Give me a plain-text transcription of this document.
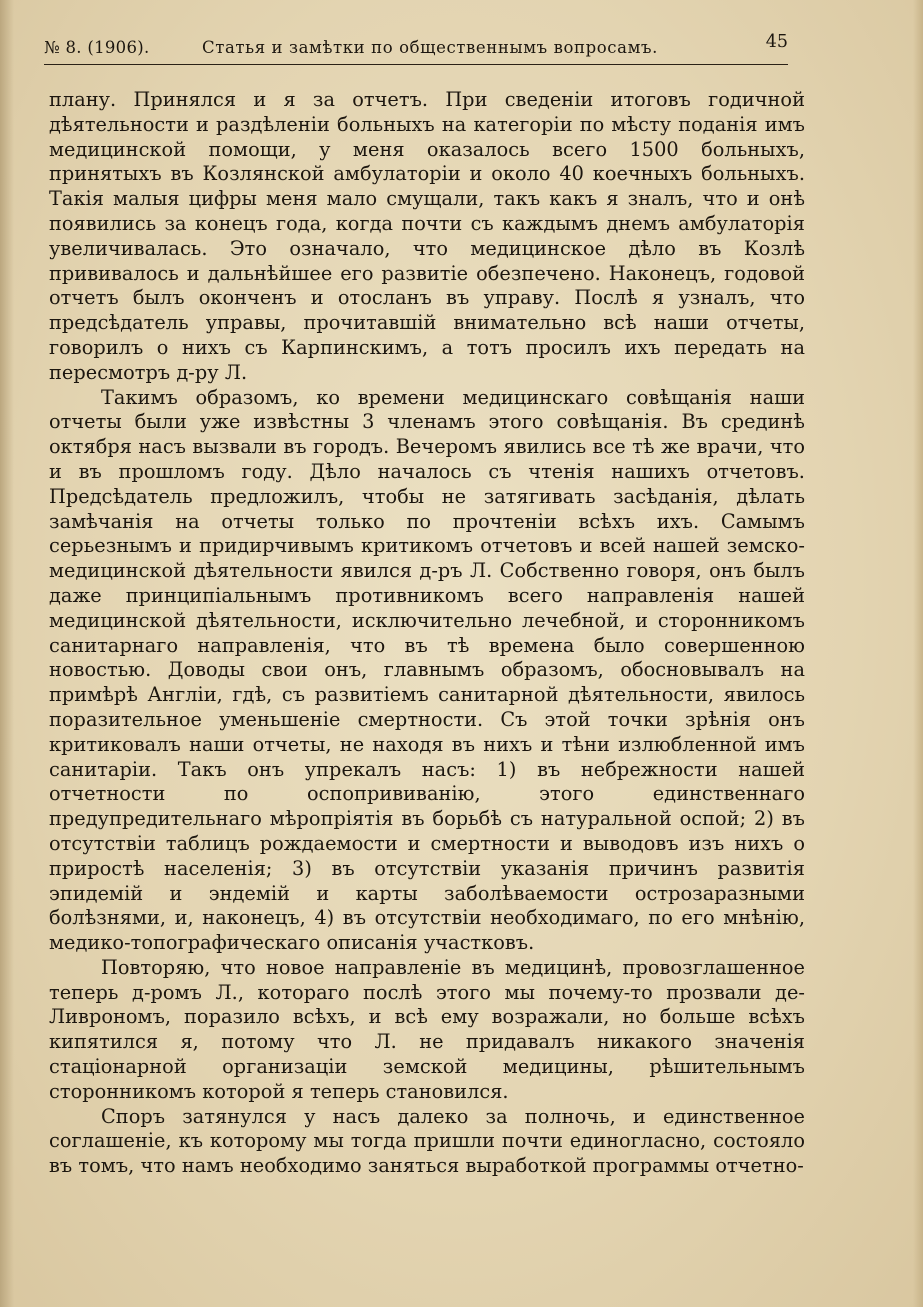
№ 8. (1906).	Статья и замѣтки по общественнымъ вопросамъ.	45

плану. Принялся и я за отчетъ. При сведеніи итоговъ годичной дѣятельности и раздѣленіи больныхъ на категоріи по мѣсту поданія имъ медицинской помощи, у меня оказалось всего 1500 больныхъ, принятыхъ въ Козлянской амбулаторіи и около 40 коечныхъ больныхъ. Такія малыя цифры меня мало смущали, такъ какъ я зналъ, что и онѣ появились за конецъ года, когда почти съ каждымъ днемъ амбулаторія увеличивалась. Это означало, что медицинское дѣло въ Козлѣ прививалось и дальнѣйшее его развитіе обезпечено. Наконецъ, годовой отчетъ былъ оконченъ и отосланъ въ управу. Послѣ я узналъ, что предсѣдатель управы, прочитавшій внимательно всѣ наши отчеты, говорилъ о нихъ съ Карпинскимъ, а тотъ просилъ ихъ передать на пересмотръ д-ру Л.

Такимъ образомъ, ко времени медицинскаго совѣщанія наши отчеты были уже извѣстны 3 членамъ этого совѣщанія. Въ срединѣ октября насъ вызвали въ городъ. Вечеромъ явились все тѣ же врачи, что и въ прошломъ году. Дѣло началось съ чтенія нашихъ отчетовъ. Предсѣдатель предложилъ, чтобы не затягивать засѣданія, дѣлать замѣчанія на отчеты только по прочтеніи всѣхъ ихъ. Самымъ серьезнымъ и придирчивымъ критикомъ отчетовъ и всей нашей земско-медицинской дѣятельности явился д-ръ Л. Собственно говоря, онъ былъ даже принципіальнымъ противникомъ всего направленія нашей медицинской дѣятельности, исключительно лечебной, и сторонникомъ санитарнаго направленія, что въ тѣ времена было совершенною новостью. Доводы свои онъ, главнымъ образомъ, обосновывалъ на примѣрѣ Англіи, гдѣ, съ развитіемъ санитарной дѣятельности, явилось поразительное уменьшеніе смертности. Съ этой точки зрѣнія онъ критиковалъ наши отчеты, не находя въ нихъ и тѣни излюбленной имъ санитаріи. Такъ онъ упрекалъ насъ: 1) въ небрежности нашей отчетности по оспопрививанію, этого единственнаго предупредительнаго мѣропріятія въ борьбѣ съ натуральной оспой; 2) въ отсутствіи таблицъ рождаемости и смертности и выводовъ изъ нихъ о приростѣ населенія; 3) въ отсутствіи указанія причинъ развитія эпидемій и эндемій и карты заболѣваемости острозаразными болѣзнями, и, наконецъ, 4) въ отсутствіи необходимаго, по его мнѣнію, медико-топографическаго описанія участковъ.

Повторяю, что новое направленіе въ медицинѣ, провозглашенное теперь д-ромъ Л., котораго послѣ этого мы почему-то прозвали де-Ливрономъ, поразило всѣхъ, и всѣ ему возражали, но больше всѣхъ кипятился я, потому что Л. не придавалъ никакого значенія стаціонарной организаціи земской медицины, рѣшительнымъ сторонникомъ которой я теперь становился.

Споръ затянулся у насъ далеко за полночь, и единственное соглашеніе, къ которому мы тогда пришли почти единогласно, состояло въ томъ, что намъ необходимо заняться выработкой программы отчетно-
